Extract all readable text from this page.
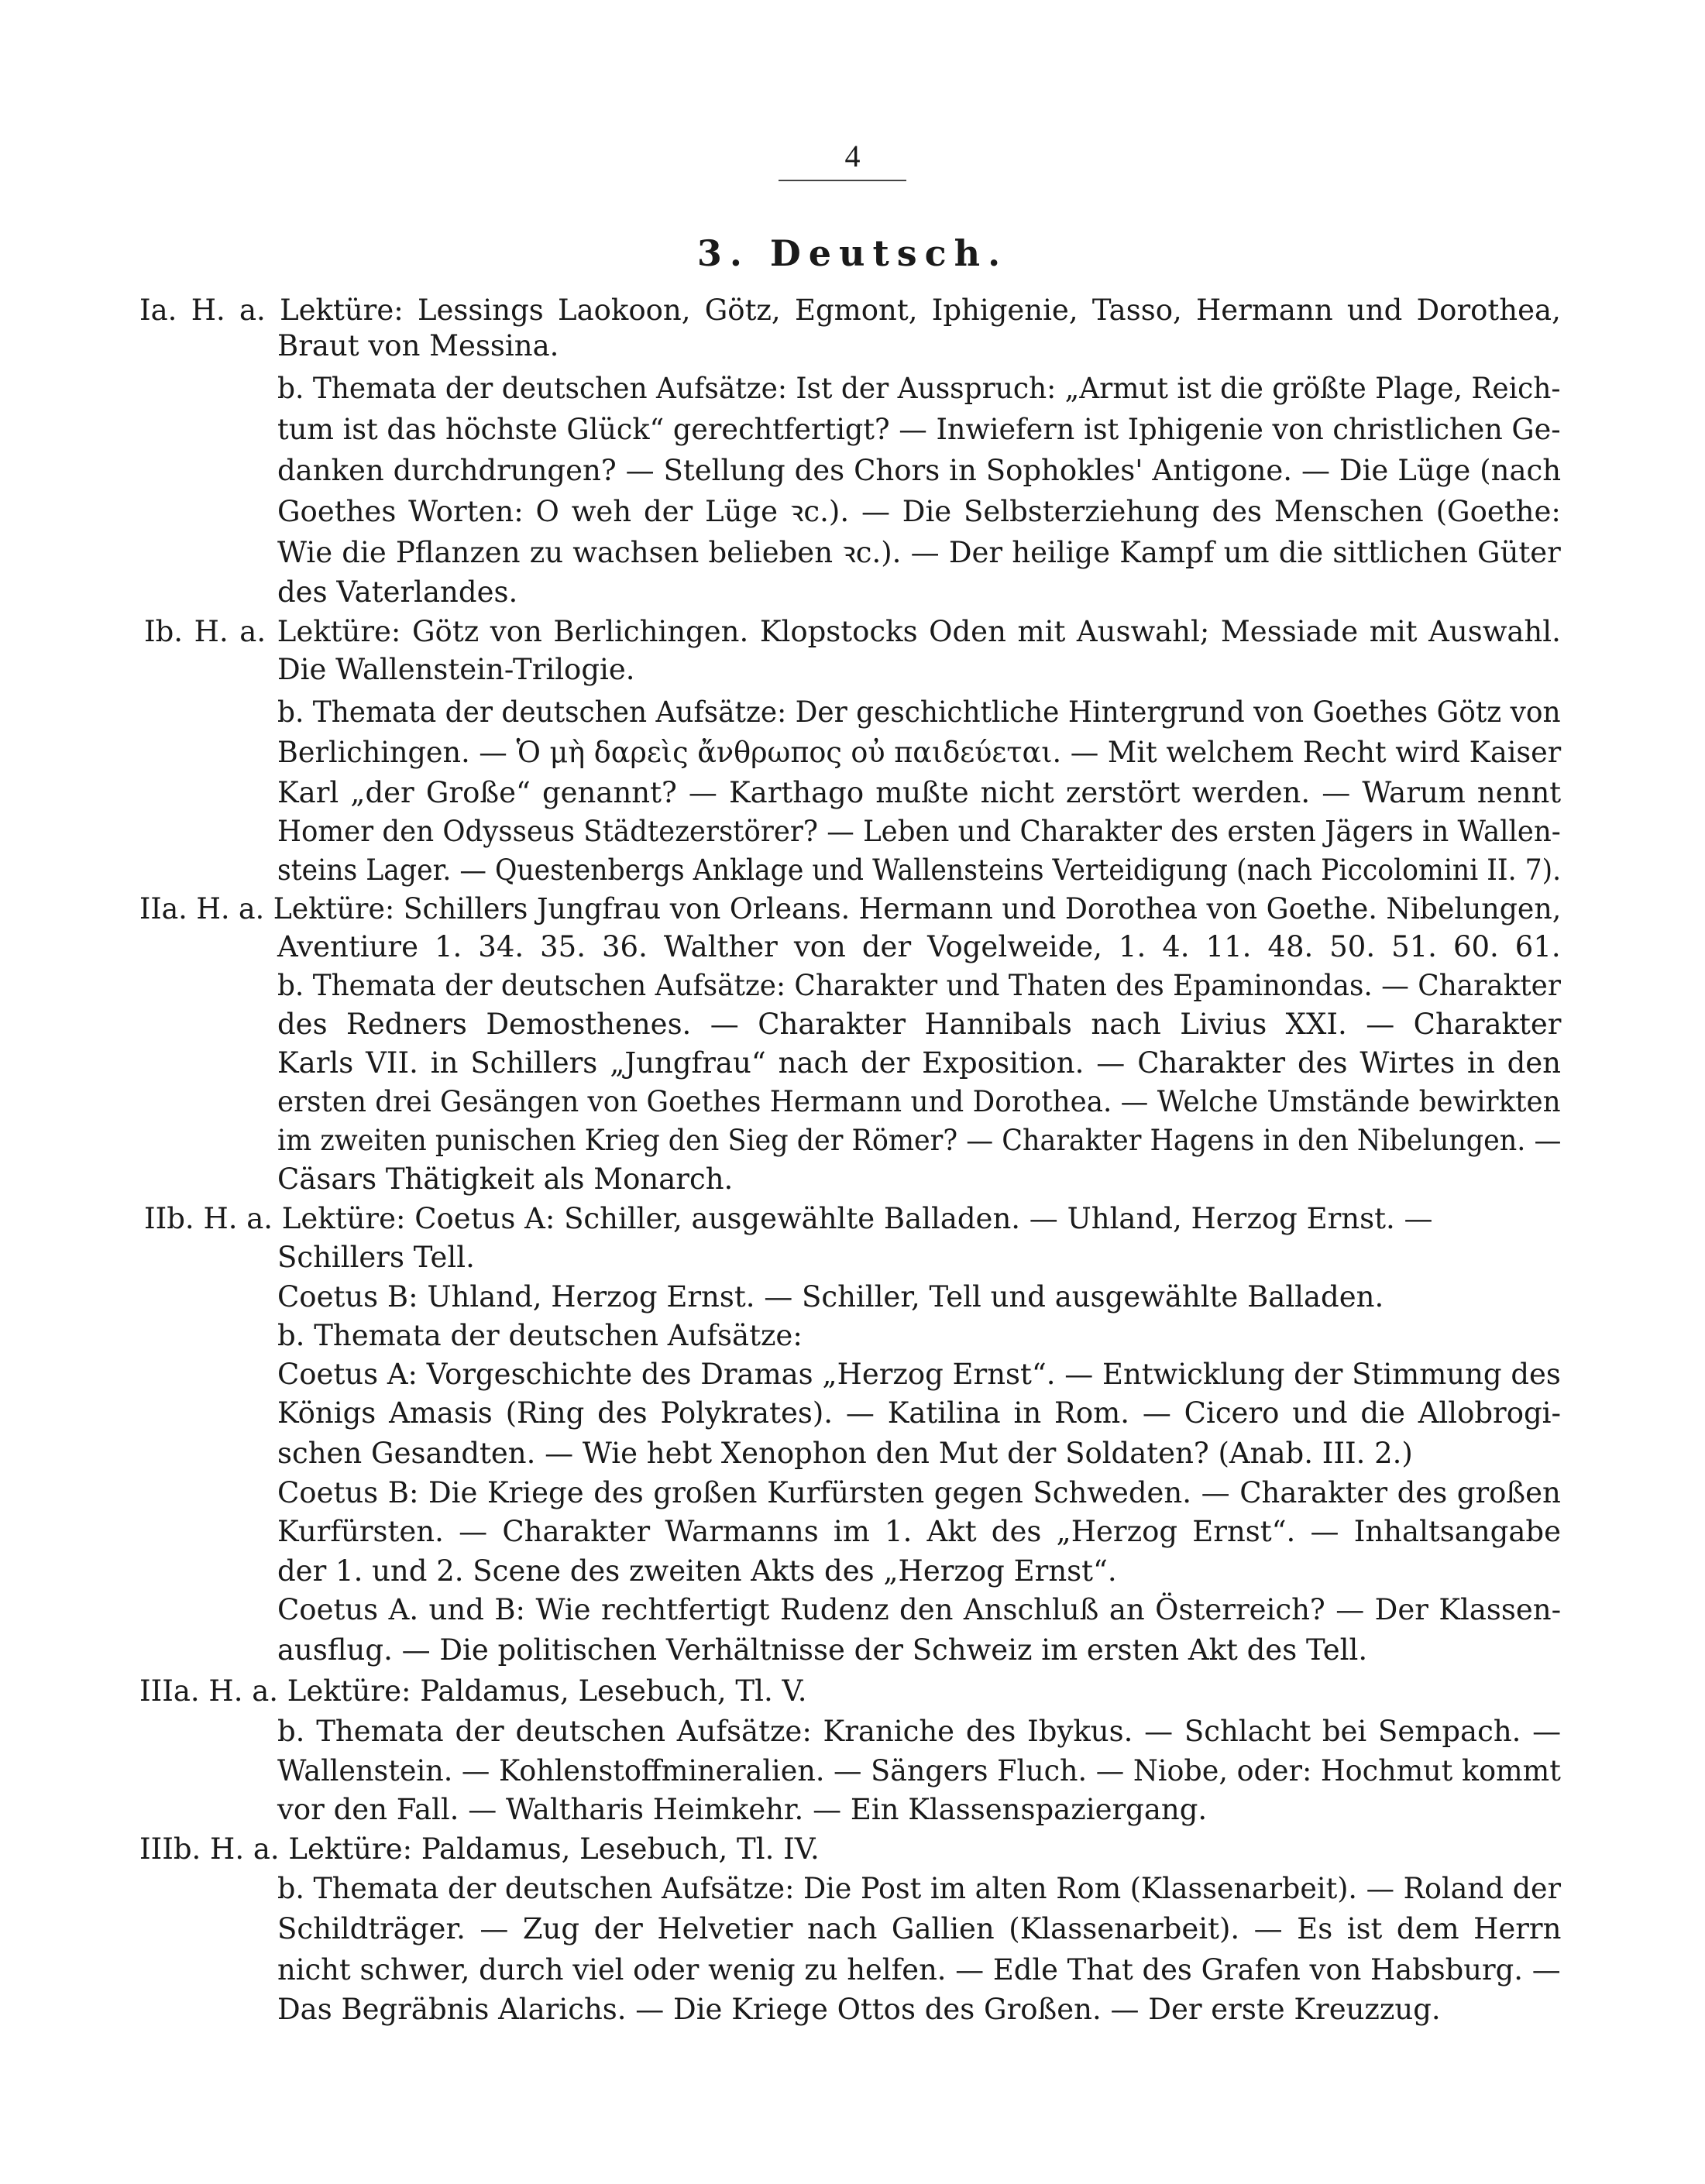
4
3. Deutsch.
Ia. H. a. Lektüre: Lessings Laokoon, Götz, Egmont, Iphigenie, Tasso, Hermann und Dorothea,
Braut von Messina.
b. Themata der deutschen Aufsätze: Ist der Ausspruch: „Armut ist die größte Plage, Reich-
tum ist das höchste Glück“ gerechtfertigt? — Inwiefern ist Iphigenie von christlichen Ge-
danken durchdrungen? — Stellung des Chors in Sophokles' Antigone. — Die Lüge (nach
Goethes Worten: O weh der Lüge ꝛc.). — Die Selbsterziehung des Menschen (Goethe:
Wie die Pflanzen zu wachsen belieben ꝛc.). — Der heilige Kampf um die sittlichen Güter
des Vaterlandes.
Ib. H. a. Lektüre: Götz von Berlichingen. Klopstocks Oden mit Auswahl; Messiade mit Auswahl.
Die Wallenstein-Trilogie.
b. Themata der deutschen Aufsätze: Der geschichtliche Hintergrund von Goethes Götz von
Berlichingen. — Ὁ μὴ δαρεὶς ἄνθρωπος οὐ παιδεύεται. — Mit welchem Recht wird Kaiser
Karl „der Große“ genannt? — Karthago mußte nicht zerstört werden. — Warum nennt
Homer den Odysseus Städtezerstörer? — Leben und Charakter des ersten Jägers in Wallen-
steins Lager. — Questenbergs Anklage und Wallensteins Verteidigung (nach Piccolomini II. 7).
IIa. H. a. Lektüre: Schillers Jungfrau von Orleans. Hermann und Dorothea von Goethe. Nibelungen,
Aventiure 1. 34. 35. 36. Walther von der Vogelweide, 1. 4. 11. 48. 50. 51. 60. 61.
b. Themata der deutschen Aufsätze: Charakter und Thaten des Epaminondas. — Charakter
des Redners Demosthenes. — Charakter Hannibals nach Livius XXI. — Charakter
Karls VII. in Schillers „Jungfrau“ nach der Exposition. — Charakter des Wirtes in den
ersten drei Gesängen von Goethes Hermann und Dorothea. — Welche Umstände bewirkten
im zweiten punischen Krieg den Sieg der Römer? — Charakter Hagens in den Nibelungen. —
Cäsars Thätigkeit als Monarch.
IIb. H. a. Lektüre: Coetus A: Schiller, ausgewählte Balladen. — Uhland, Herzog Ernst. —
Schillers Tell.
Coetus B: Uhland, Herzog Ernst. — Schiller, Tell und ausgewählte Balladen.
b. Themata der deutschen Aufsätze:
Coetus A: Vorgeschichte des Dramas „Herzog Ernst“. — Entwicklung der Stimmung des
Königs Amasis (Ring des Polykrates). — Katilina in Rom. — Cicero und die Allobrogi-
schen Gesandten. — Wie hebt Xenophon den Mut der Soldaten? (Anab. III. 2.)
Coetus B: Die Kriege des großen Kurfürsten gegen Schweden. — Charakter des großen
Kurfürsten. — Charakter Warmanns im 1. Akt des „Herzog Ernst“. — Inhaltsangabe
der 1. und 2. Scene des zweiten Akts des „Herzog Ernst“.
Coetus A. und B: Wie rechtfertigt Rudenz den Anschluß an Österreich? — Der Klassen-
ausflug. — Die politischen Verhältnisse der Schweiz im ersten Akt des Tell.
IIIa. H. a. Lektüre: Paldamus, Lesebuch, Tl. V.
b. Themata der deutschen Aufsätze: Kraniche des Ibykus. — Schlacht bei Sempach. —
Wallenstein. — Kohlenstoffmineralien. — Sängers Fluch. — Niobe, oder: Hochmut kommt
vor den Fall. — Waltharis Heimkehr. — Ein Klassenspaziergang.
IIIb. H. a. Lektüre: Paldamus, Lesebuch, Tl. IV.
b. Themata der deutschen Aufsätze: Die Post im alten Rom (Klassenarbeit). — Roland der
Schildträger. — Zug der Helvetier nach Gallien (Klassenarbeit). — Es ist dem Herrn
nicht schwer, durch viel oder wenig zu helfen. — Edle That des Grafen von Habsburg. —
Das Begräbnis Alarichs. — Die Kriege Ottos des Großen. — Der erste Kreuzzug.
